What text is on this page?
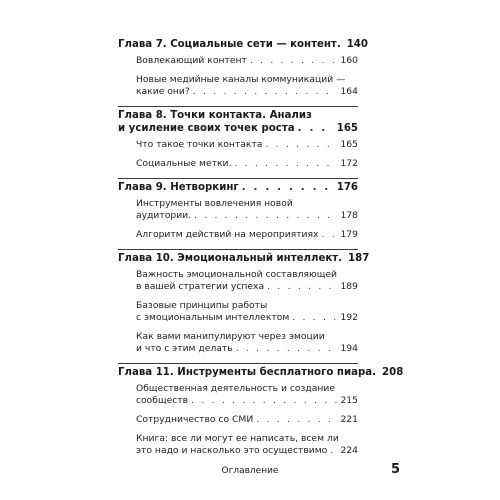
Глава 7. Социальные сети — контент. 140
Вовлекающий контент . . .	160
Новые медийные каналы коммуникаций —
какие они? . . .	164
Глава 8. Точки контакта. Анализ
и усиление своих точек роста . . .	165
Что такое точки контакта . . .	165
Социальные метки. . . .	172
Глава 9. Нетворкинг . . .	176
Инструменты вовлечения новой
аудитории. . . .	178
Алгоритм действий на мероприятиях . . . 179
Глава 10. Эмоциональный интеллект. 187
Важность эмоциональной составляющей
в вашей стратегии успеха . . .	189
Базовые принципы работы
с эмоциональным интеллектом . . .	192
Как вами манипулируют через эмоции
и что с этим делать . . .	194
Глава 11. Инструменты бесплатного пиара. 208
Общественная деятельность и создание
сообществ . . .	215
Сотрудничество со СМИ . . .	221
Книга: все ли могут ее написать, всем ли
это надо и насколько это осуществимо . . . 224
Оглавление	5
